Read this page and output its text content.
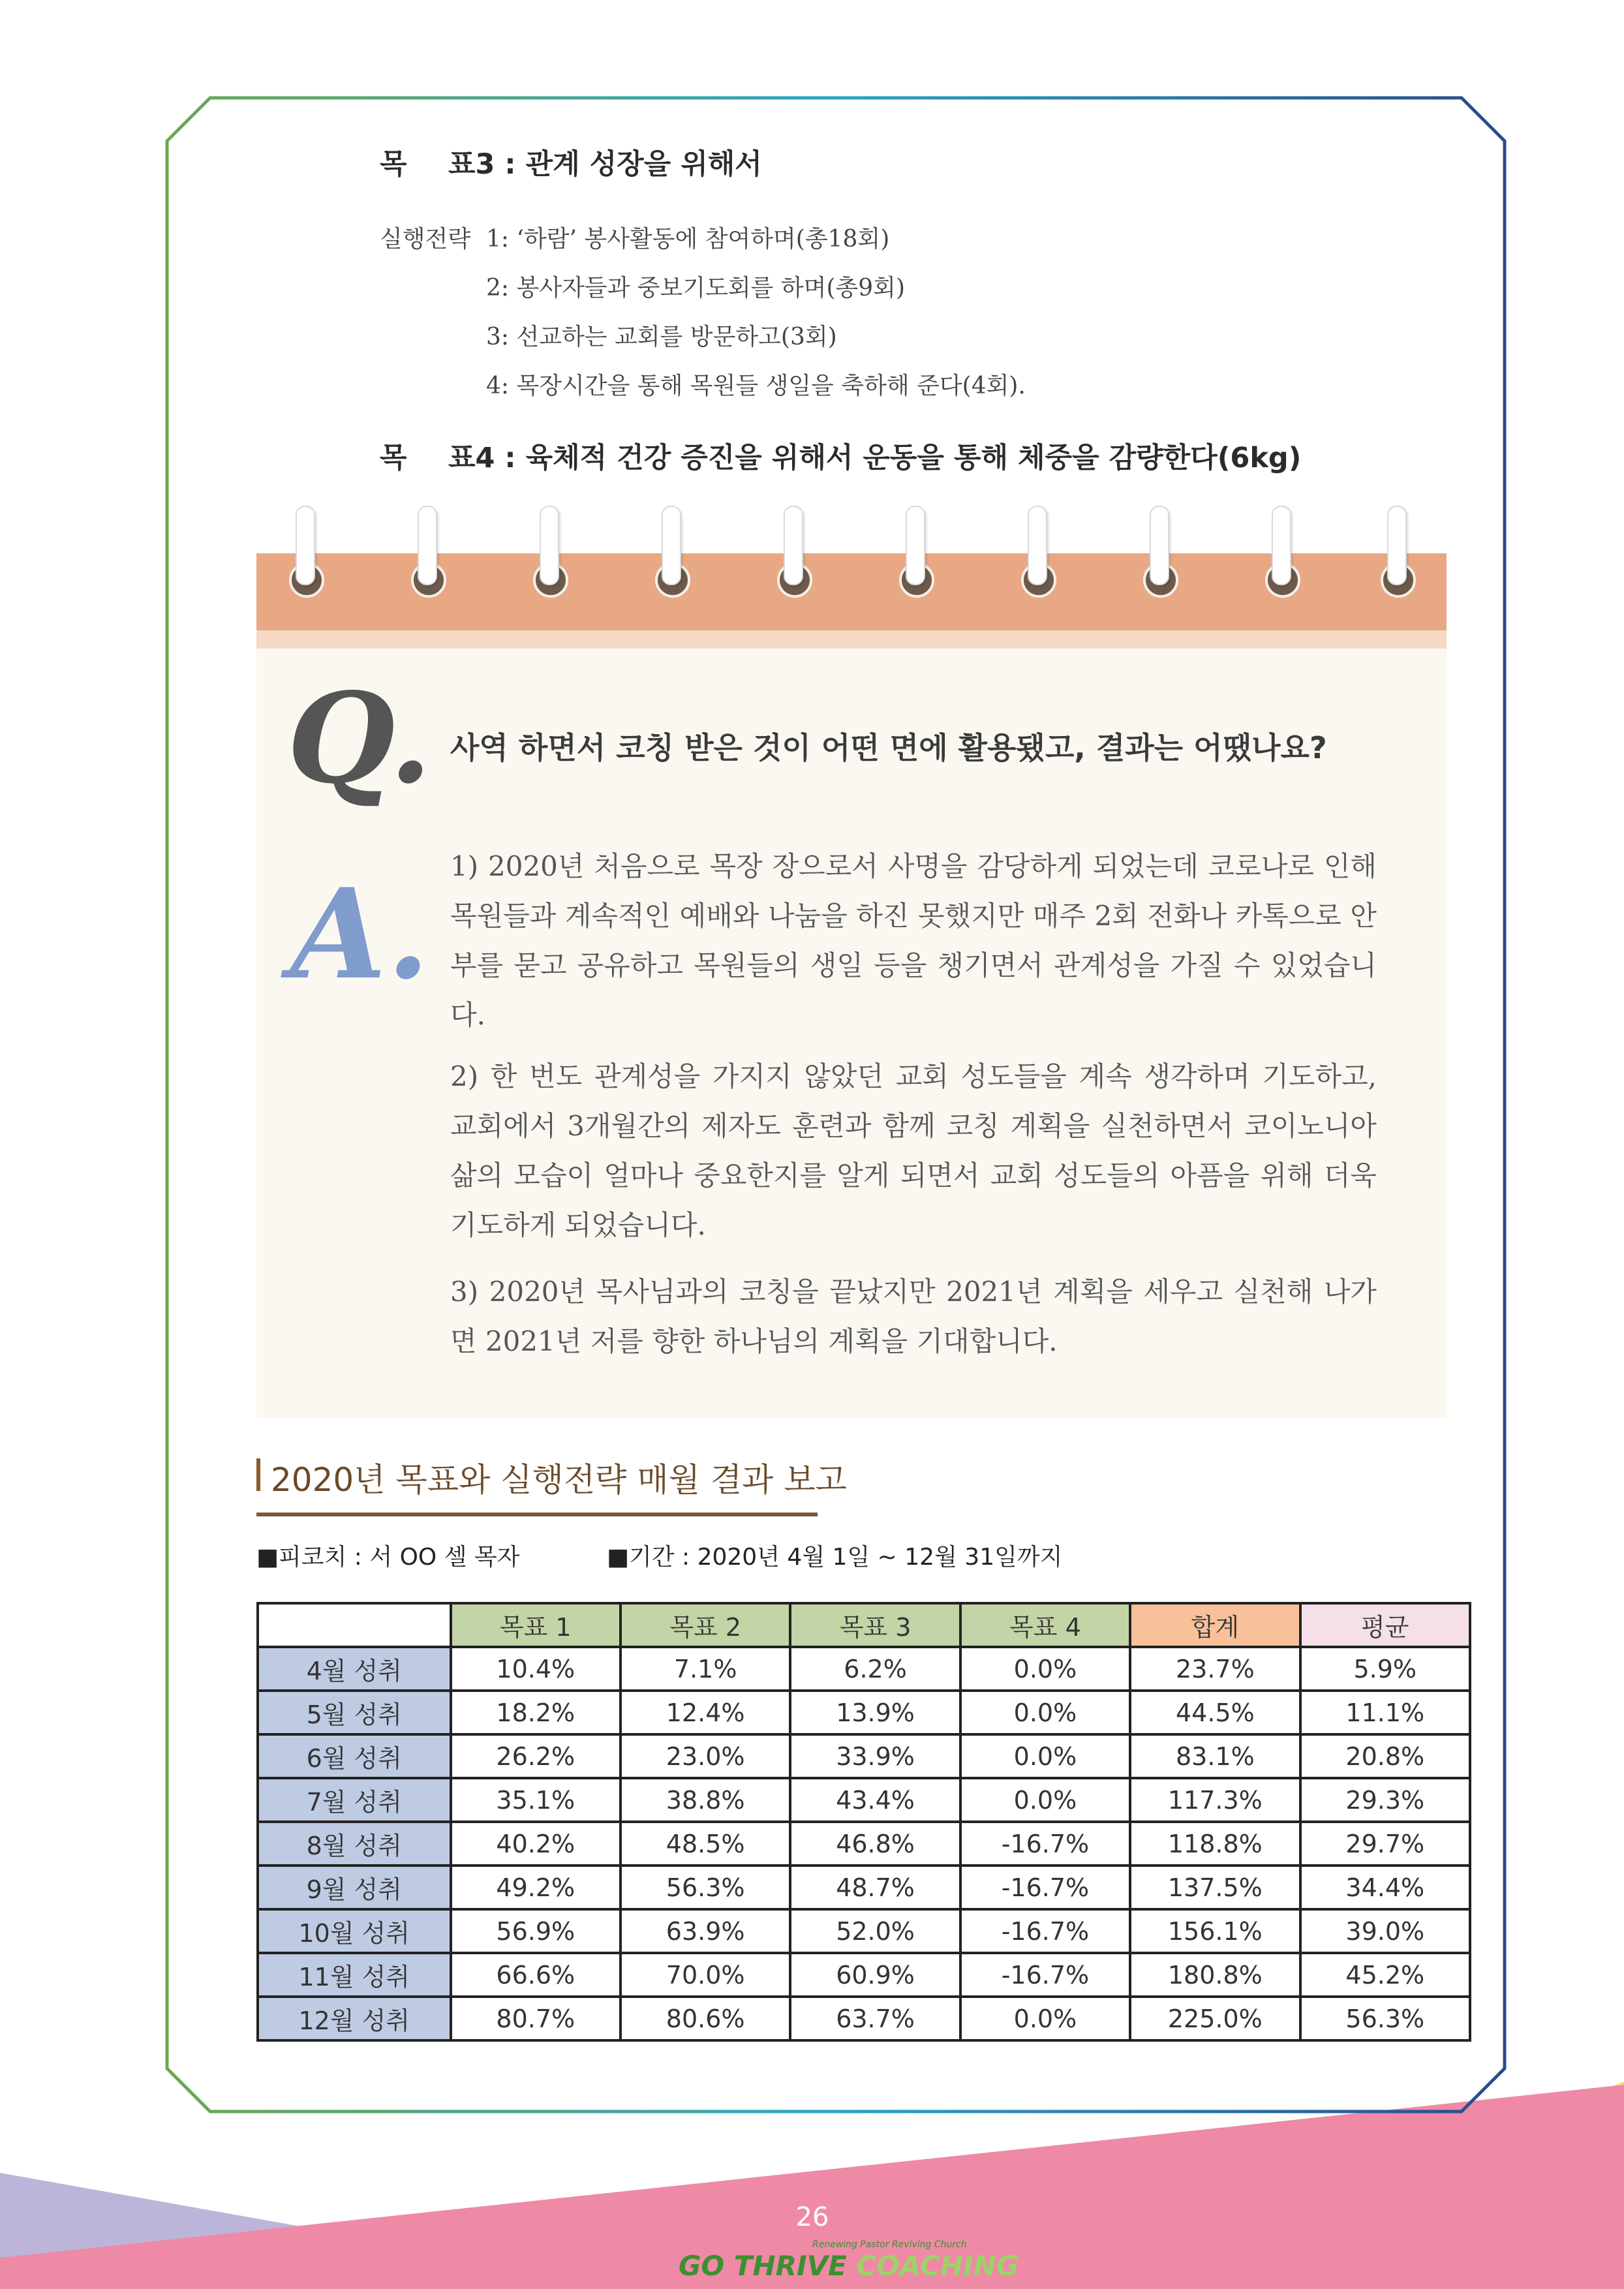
목 표3 : 관계 성장을 위해서
실행전략 1: ‘하람’ 봉사활동에 참여하며(총18회)
2: 봉사자들과 중보기도회를 하며(총9회)
3: 선교하는 교회를 방문하고(3회)
4: 목장시간을 통해 목원들 생일을 축하해 준다(4회).
목 표4 : 육체적 건강 증진을 위해서 운동을 통해 체중을 감량한다(6kg)
Q. 사역 하면서 코칭 받은 것이 어떤 면에 활용됐고, 결과는 어땠나요?
A. 1) 2020년 처음으로 목장 장으로서 사명을 감당하게 되었는데 코로나로 인해 목원들과 계속적인 예배와 나눔을 하진 못했지만 매주 2회 전화나 카톡으로 안부를 묻고 공유하고 목원들의 생일 등을 챙기면서 관계성을 가질 수 있었습니다.
2) 한 번도 관계성을 가지지 않았던 교회 성도들을 계속 생각하며 기도하고, 교회에서 3개월간의 제자도 훈련과 함께 코칭 계획을 실천하면서 코이노니아 삶의 모습이 얼마나 중요한지를 알게 되면서 교회 성도들의 아픔을 위해 더욱 기도하게 되었습니다.
3) 2020년 목사님과의 코칭을 끝났지만 2021년 계획을 세우고 실천해 나가면 2021년 저를 향한 하나님의 계획을 기대합니다.
2020년 목표와 실행전략 매월 결과 보고
■피코치 : 서 OO 셀 목자	■기간 : 2020년 4월 1일 ~ 12월 31일까지
	목표 1	목표 2	목표 3	목표 4	합계	평균
4월 성취	10.4%	7.1%	6.2%	0.0%	23.7%	5.9%
5월 성취	18.2%	12.4%	13.9%	0.0%	44.5%	11.1%
6월 성취	26.2%	23.0%	33.9%	0.0%	83.1%	20.8%
7월 성취	35.1%	38.8%	43.4%	0.0%	117.3%	29.3%
8월 성취	40.2%	48.5%	46.8%	-16.7%	118.8%	29.7%
9월 성취	49.2%	56.3%	48.7%	-16.7%	137.5%	34.4%
10월 성취	56.9%	63.9%	52.0%	-16.7%	156.1%	39.0%
11월 성취	66.6%	70.0%	60.9%	-16.7%	180.8%	45.2%
12월 성취	80.7%	80.6%	63.7%	0.0%	225.0%	56.3%
26
Renewing Pastor Reviving Church
GO THRIVE COACHING
